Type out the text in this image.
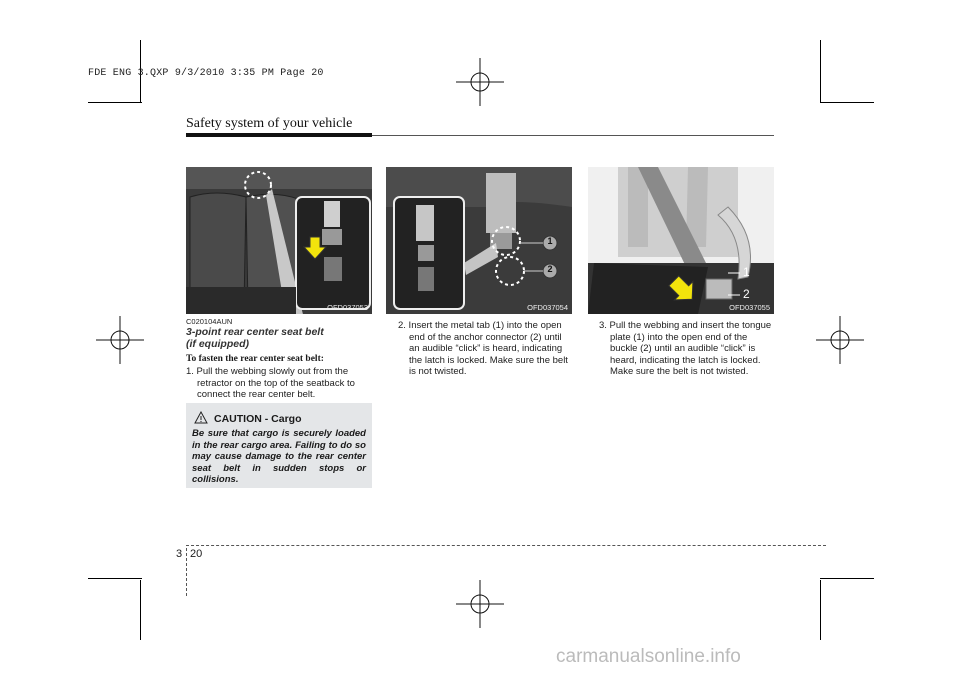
FDE ENG 3.QXP 9/3/2010 3:35 PM Page 20
Safety system of your vehicle
OFD037053
1
2
OFD037054
1
2
OFD037055
C020104AUN
3-point rear center seat belt
(if equipped)
To fasten the rear center seat belt:
1. Pull the webbing slowly out from the retractor on the top of the seatback to connect the rear center belt.
CAUTION - Cargo
Be sure that cargo is securely loaded in the rear cargo area. Failing to do so may cause damage to the rear center seat belt in sudden stops or collisions.
2. Insert the metal tab (1) into the open end of the anchor connector (2) until an audible “click” is heard, indicating the latch is locked. Make sure the belt is not twisted.
3. Pull the webbing and insert the tongue plate (1) into the open end of the buckle (2) until an audible “click” is heard, indicating the latch is locked. Make sure the belt is not twisted.
3 20
carmanualsonline.info
